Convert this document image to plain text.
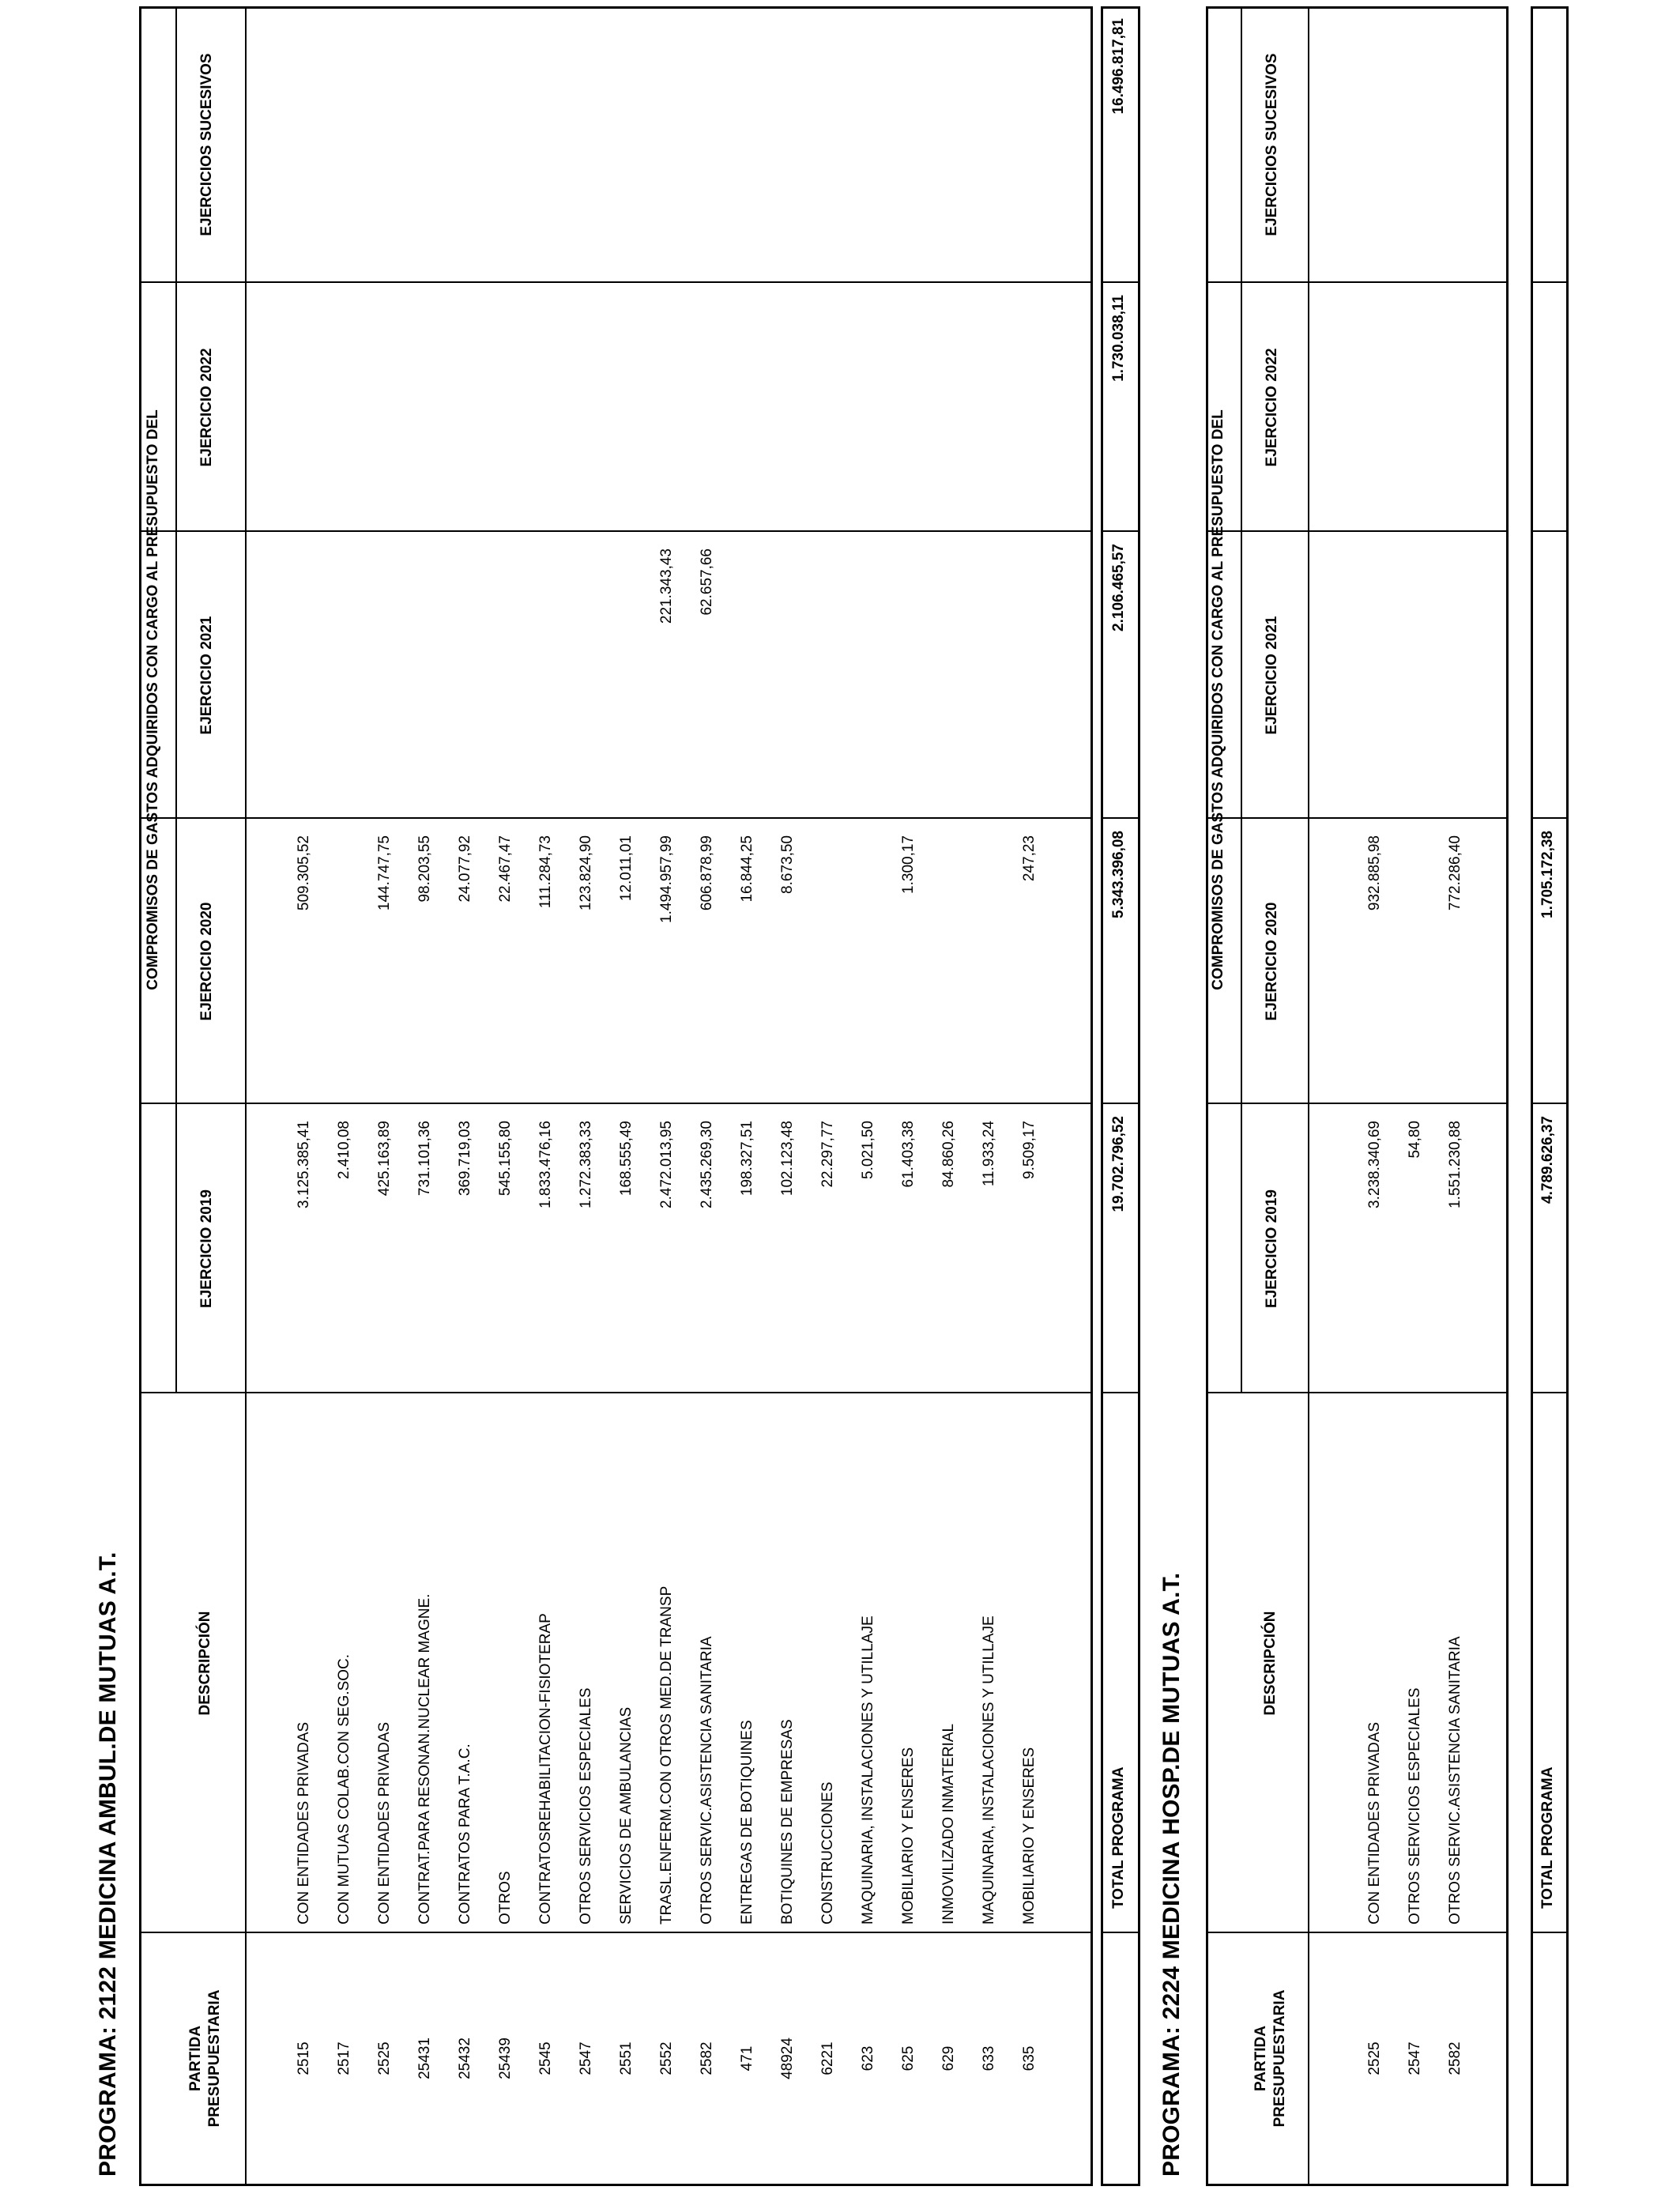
PROGRAMA: 2122 MEDICINA AMBUL.DE MUTUAS A.T.	PARTIDA PRESUPUESTARIA
DESCRIPCIÓN
COMPROMISOS DE GASTOS ADQUIRIDOS CON CARGO AL PRESUPUESTO DEL
EJERCICIO 2019
EJERCICIO 2020
EJERCICIO 2021
EJERCICIO 2022
EJERCICIOS SUCESIVOS
2515
CON ENTIDADES PRIVADAS
3.125.385,41
509.305,52
2517
CON MUTUAS COLAB.CON SEG.SOC.
2.410,08
2525
CON ENTIDADES PRIVADAS
425.163,89
144.747,75
25431
CONTRAT.PARA RESONAN.NUCLEAR MAGNE.
731.101,36
98.203,55
25432
CONTRATOS PARA T.A.C.
369.719,03
24.077,92
25439
OTROS
545.155,80
22.467,47
2545
CONTRATOSREHABILITACION-FISIOTERAP
1.833.476,16
111.284,73
2547
OTROS SERVICIOS ESPECIALES
1.272.383,33
123.824,90
2551
SERVICIOS DE AMBULANCIAS
168.555,49
12.011,01
2552
TRASL.ENFERM.CON OTROS MED.DE TRANSP
2.472.013,95
1.494.957,99
221.343,43
2582
OTROS SERVIC.ASISTENCIA SANITARIA
2.435.269,30
606.878,99
62.657,66
471
ENTREGAS DE BOTIQUINES
198.327,51
16.844,25
48924
BOTIQUINES DE EMPRESAS
102.123,48
8.673,50
6221
CONSTRUCCIONES
22.297,77
623
MAQUINARIA, INSTALACIONES Y UTILLAJE
5.021,50
625
MOBILIARIO Y ENSERES
61.403,38
1.300,17
629
INMOVILIZADO INMATERIAL
84.860,26
633
MAQUINARIA, INSTALACIONES Y UTILLAJE
11.933,24
635
MOBILIARIO Y ENSERES
9.509,17
247,23
TOTAL PROGRAMA
19.702.796,52
5.343.396,08
2.106.465,57
1.730.038,11
16.496.817,81
PROGRAMA: 2224 MEDICINA HOSP.DE MUTUAS A.T.	PARTIDA PRESUPUESTARIA
DESCRIPCIÓN
COMPROMISOS DE GASTOS ADQUIRIDOS CON CARGO AL PRESUPUESTO DEL
EJERCICIO 2019
EJERCICIO 2020
EJERCICIO 2021
EJERCICIO 2022
EJERCICIOS SUCESIVOS
2525
CON ENTIDADES PRIVADAS
3.238.340,69
932.885,98
2547
OTROS SERVICIOS ESPECIALES
54,80
2582
OTROS SERVIC.ASISTENCIA SANITARIA
1.551.230,88
772.286,40
TOTAL PROGRAMA
4.789.626,37
1.705.172,38
